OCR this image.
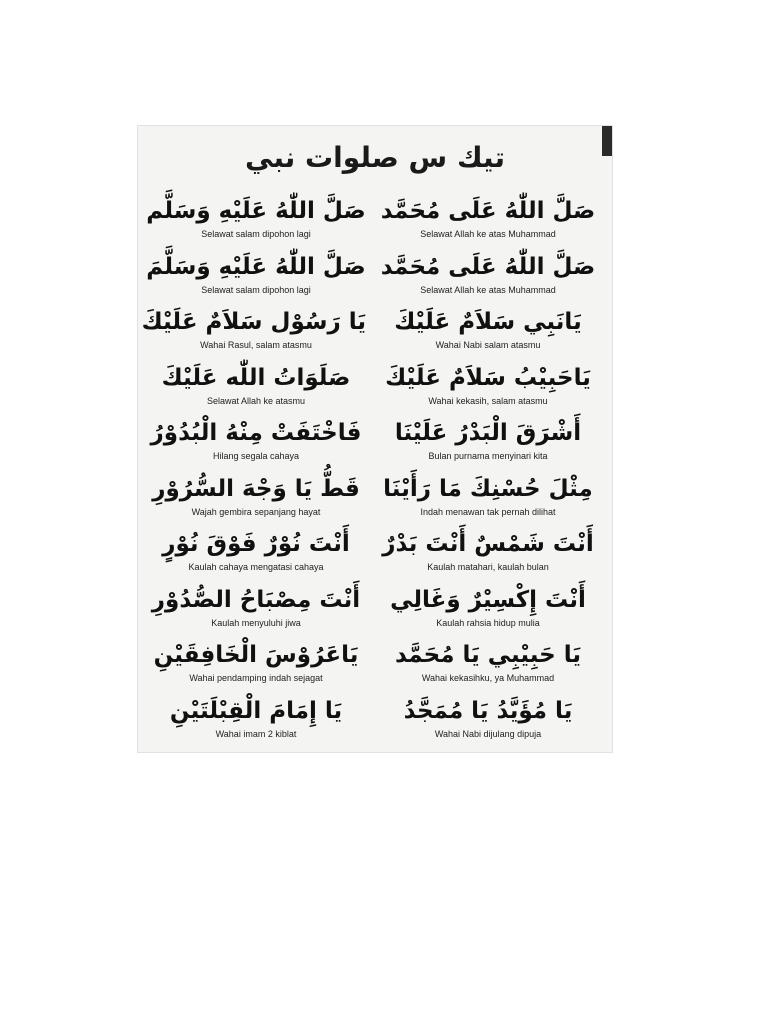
تيك س صلوات نبي
صَلَّ اللّٰهُ عَلَيْهِ وَسَلَّم
Selawat salam dipohon lagi
صَلَّ اللّٰهُ عَلَى مُحَمَّد
Selawat Allah ke atas Muhammad
صَلَّ اللّٰهُ عَلَيْهِ وَسَلَّمَ
Selawat salam dipohon lagi
صَلَّ اللّٰهُ عَلَى مُحَمَّد
Selawat Allah ke atas Muhammad
يَا رَسُوْل سَلاَمٌ عَلَيْكَ
Wahai Rasul, salam atasmu
يَانَبِي سَلاَمٌ عَلَيْكَ
Wahai Nabi salam atasmu
صَلَوَاتُ اللّٰه عَلَيْكَ
Selawat Allah ke atasmu
يَاحَبِيْبُ سَلاَمٌ عَلَيْكَ
Wahai kekasih, salam atasmu
فَاخْتَفَتْ مِنْهُ الْبُدُوْرُ
Hilang segala cahaya
أَشْرَقَ الْبَدْرُ عَلَيْنَا
Bulan purnama menyinari kita
قَطُّ يَا وَجْهَ السُّرُوْرِ
Wajah gembira sepanjang hayat
مِثْلَ حُسْنِكَ مَا رَأَيْنَا
Indah menawan tak pernah dilihat
أَنْتَ نُوْرٌ فَوْقَ نُوْرٍ
Kaulah cahaya mengatasi cahaya
أَنْتَ شَمْسٌ أَنْتَ بَدْرٌ
Kaulah matahari, kaulah bulan
أَنْتَ مِصْبَاحُ الصُّدُوْرِ
Kaulah menyuluhi jiwa
أَنْتَ إِكْسِيْرٌ وَغَالِي
Kaulah rahsia hidup mulia
يَاعَرُوْسَ الْخَافِقَيْنِ
Wahai pendamping indah sejagat
يَا حَبِيْبِي يَا مُحَمَّد
Wahai kekasihku, ya Muhammad
يَا إِمَامَ الْقِبْلَتَيْنِ
Wahai imam 2 kiblat
يَا مُؤَيَّدُ يَا مُمَجَّدُ
Wahai Nabi dijulang dipuja
